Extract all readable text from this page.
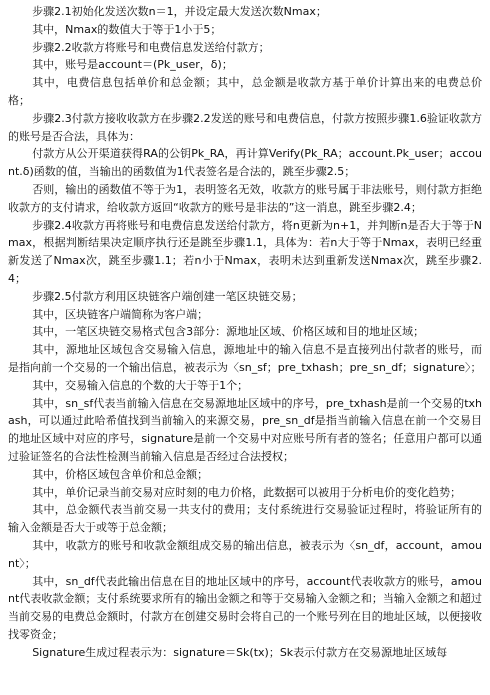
步骤2.1初始化发送次数n＝1，并设定最大发送次数Nmax；

其中，Nmax的数值大于等于1小于5；

步骤2.2收款方将账号和电费信息发送给付款方；

其中，账号是account＝(Pk_user，δ)；

其中，电费信息包括单价和总金额；其中，总金额是收款方基于单价计算出来的电费总价格；

步骤2.3付款方接收收款方在步骤2.2发送的账号和电费信息，付款方按照步骤1.6验证收款方的账号是否合法，具体为：

付款方从公开渠道获得RA的公钥Pk_RA，再计算Verify(Pk_RA；account.Pk_user；account.δ)函数的值，当输出的函数值为1代表签名是合法的，跳至步骤2.5；

否则，输出的函数值不等于为1，表明签名无效，收款方的账号属于非法账号，则付款方拒绝收款方的支付请求，给收款方返回“收款方的账号是非法的”这一消息，跳至步骤2.4；

步骤2.4收款方再将账号和电费信息发送给付款方，将n更新为n+1，并判断n是否大于等于Nmax，根据判断结果决定顺序执行还是跳至步骤1.1，具体为：若n大于等于Nmax，表明已经重新发送了Nmax次，跳至步骤1.1；若n小于Nmax，表明未达到重新发送Nmax次，跳至步骤2.4；

步骤2.5付款方利用区块链客户端创建一笔区块链交易；

其中，区块链客户端简称为客户端；

其中，一笔区块链交易格式包含3部分：源地址区域、价格区域和目的地址区域；

其中，源地址区域包含交易输入信息，源地址中的输入信息不是直接列出付款者的账号，而是指向前一个交易的一个输出信息，被表示为〈sn_sf；pre_txhash；pre_sn_df；signature〉；

其中，交易输入信息的个数的大于等于1个；

其中，sn_sf代表当前输入信息在交易源地址区域中的序号，pre_txhash是前一个交易的txhash，可以通过此哈希值找到当前输入的来源交易，pre_sn_df是指当前输入信息在前一个交易目的地址区域中对应的序号，signature是前一个交易中对应账号所有者的签名；任意用户都可以通过验证签名的合法性检测当前输入信息是否经过合法授权；

其中，价格区域包含单价和总金额；

其中，单价记录当前交易对应时刻的电力价格，此数据可以被用于分析电价的变化趋势；

其中，总金额代表当前交易一共支付的费用；支付系统进行交易验证过程时，将验证所有的输入金额是否大于或等于总金额；

其中，收款方的账号和收款金额组成交易的输出信息，被表示为〈sn_df，account，amount〉；

其中，sn_df代表此输出信息在目的地址区域中的序号，account代表收款方的账号，amount代表收款金额；支付系统要求所有的输出金额之和等于交易输入金额之和；当输入金额之和超过当前交易的电费总金额时，付款方在创建交易时会将自己的一个账号列在目的地址区域，以便接收找零资金；

Signature生成过程表示为：signature＝Sk(tx)；Sk表示付款方在交易源地址区域每
